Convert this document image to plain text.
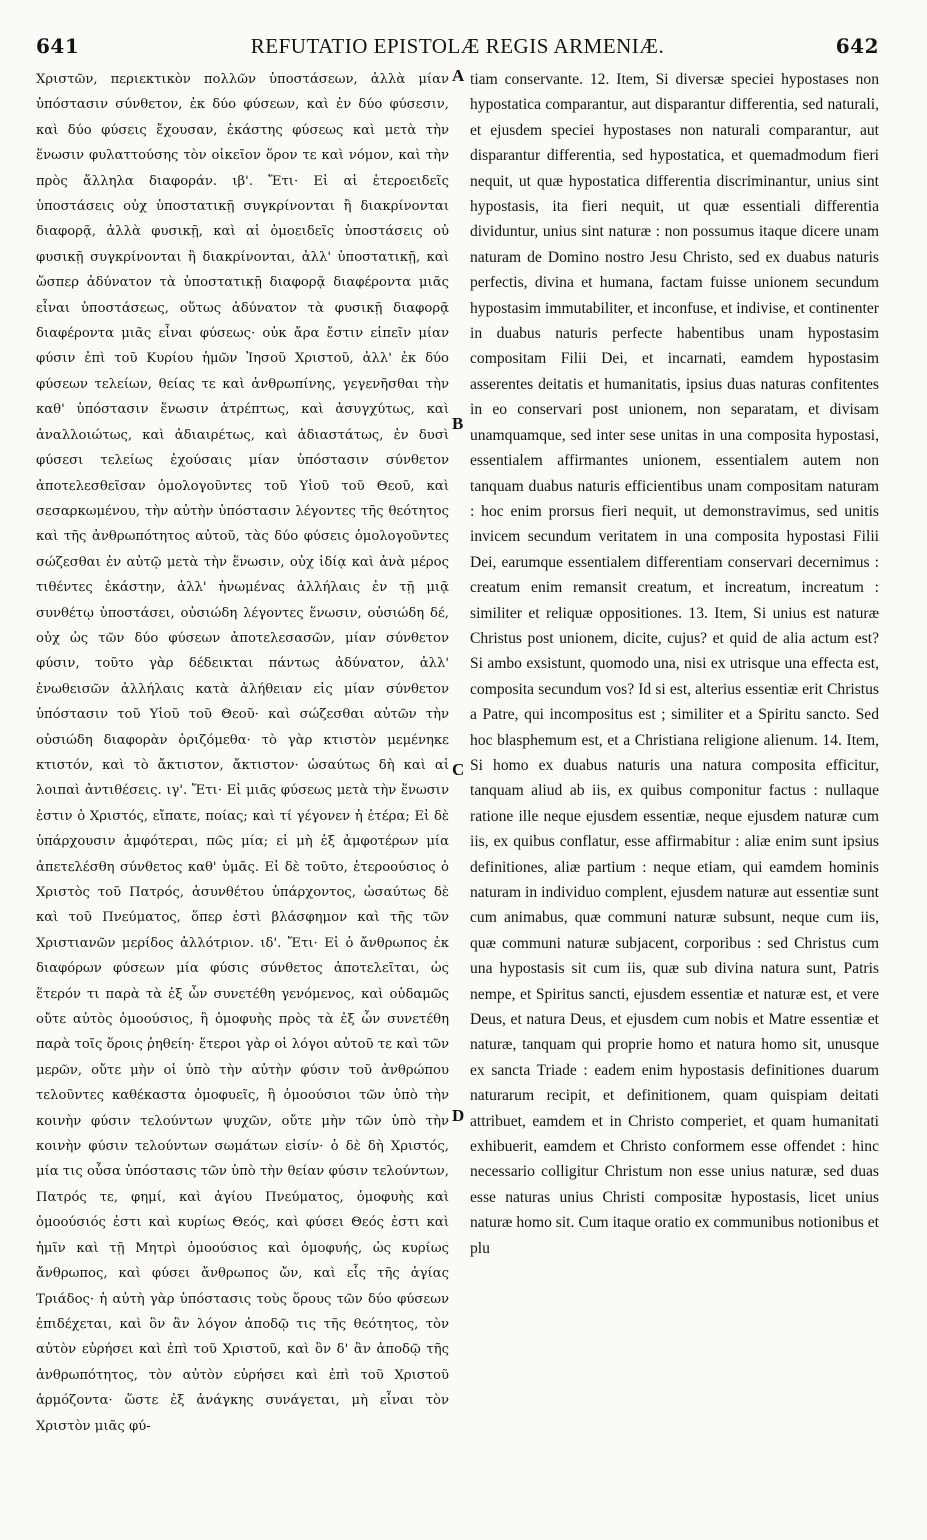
641	REFUTATIO EPISTOLÆ REGIS ARMENIÆ.	642

Χριστῶν, περιεκτικὸν πολλῶν ὑποστάσεων, ἀλλὰ μίαν ὑπόστασιν σύνθετον, ἐκ δύο φύσεων, καὶ ἐν δύο φύσεσιν, καὶ δύο φύσεις ἔχουσαν, ἑκάστης φύσεως καὶ μετὰ τὴν ἕνωσιν φυλαττούσης τὸν οἰκεῖον ὅρον τε καὶ νόμον, καὶ τὴν πρὸς ἄλληλα διαφοράν. ιβ'. Ἔτι· Εἰ αἱ ἑτεροειδεῖς ὑποστάσεις οὐχ ὑποστατικῇ συγκρίνονται ἢ διακρίνονται διαφορᾷ, ἀλλὰ φυσικῇ, καὶ αἱ ὁμοειδεῖς ὑποστάσεις οὐ φυσικῇ συγκρίνονται ἢ διακρίνονται, ἀλλ' ὑποστατικῇ, καὶ ὥσπερ ἀδύνατον τὰ ὑποστατικῇ διαφορᾷ διαφέροντα μιᾶς εἶναι ὑποστάσεως, οὕτως ἀδύνατον τὰ φυσικῇ διαφορᾷ διαφέροντα μιᾶς εἶναι φύσεως· οὐκ ἄρα ἔστιν εἰπεῖν μίαν φύσιν ἐπὶ τοῦ Κυρίου ἡμῶν Ἰησοῦ Χριστοῦ, ἀλλ' ἐκ δύο φύσεων τελείων, θείας τε καὶ ἀνθρωπίνης, γεγενῆσθαι τὴν καθ' ὑπόστασιν ἕνωσιν ἀτρέπτως, καὶ ἀσυγχύτως, καὶ ἀναλλοιώτως, καὶ ἀδιαιρέτως, καὶ ἀδιαστάτως, ἐν δυσὶ φύσεσι τελείως ἐχούσαις μίαν ὑπόστασιν σύνθετον ἀποτελεσθεῖσαν ὁμολογοῦντες τοῦ Υἱοῦ τοῦ Θεοῦ, καὶ σεσαρκωμένου, τὴν αὐτὴν ὑπόστασιν λέγοντες τῆς θεότητος καὶ τῆς ἀνθρωπότητος αὐτοῦ, τὰς δύο φύσεις ὁμολογοῦντες σώζεσθαι ἐν αὐτῷ μετὰ τὴν ἕνωσιν, οὐχ ἰδίᾳ καὶ ἀνὰ μέρος τιθέντες ἑκάστην, ἀλλ' ἡνωμένας ἀλλήλαις ἐν τῇ μιᾷ συνθέτῳ ὑποστάσει, οὐσιώδη λέγοντες ἕνωσιν, οὐσιώδη δέ, οὐχ ὡς τῶν δύο φύσεων ἀποτελεσασῶν, μίαν σύνθετον φύσιν, τοῦτο γὰρ δέδεικται πάντως ἀδύνατον, ἀλλ' ἑνωθεισῶν ἀλλήλαις κατὰ ἀλήθειαν εἰς μίαν σύνθετον ὑπόστασιν τοῦ Υἱοῦ τοῦ Θεοῦ· καὶ σώζεσθαι αὐτῶν τὴν οὐσιώδη διαφορὰν ὁριζόμεθα· τὸ γὰρ κτιστὸν μεμένηκε κτιστόν, καὶ τὸ ἄκτιστον, ἄκτιστον· ὡσαύτως δὴ καὶ αἱ λοιπαὶ ἀντιθέσεις. ιγ'. Ἔτι· Εἰ μιᾶς φύσεως μετὰ τὴν ἕνωσιν ἐστιν ὁ Χριστός, εἴπατε, ποίας; καὶ τί γέγονεν ἡ ἑτέρα; Εἰ δὲ ὑπάρχουσιν ἀμφότεραι, πῶς μία; εἰ μὴ ἐξ ἀμφοτέρων μία ἀπετελέσθη σύνθετος καθ' ὑμᾶς. Εἰ δὲ τοῦτο, ἑτεροούσιος ὁ Χριστὸς τοῦ Πατρός, ἀσυνθέτου ὑπάρχοντος, ὡσαύτως δὲ καὶ τοῦ Πνεύματος, ὅπερ ἐστὶ βλάσφημον καὶ τῆς τῶν Χριστιανῶν μερίδος ἀλλότριον. ιδ'. Ἔτι· Εἰ ὁ ἄνθρωπος ἐκ διαφόρων φύσεων μία φύσις σύνθετος ἀποτελεῖται, ὡς ἕτερόν τι παρὰ τὰ ἐξ ὧν συνετέθη γενόμενος, καὶ οὐδαμῶς οὔτε αὐτὸς ὁμοούσιος, ἢ ὁμοφυὴς πρὸς τὰ ἐξ ὧν συνετέθη παρὰ τοῖς ὅροις ῥηθείη· ἕτεροι γὰρ οἱ λόγοι αὐτοῦ τε καὶ τῶν μερῶν, οὔτε μὴν οἱ ὑπὸ τὴν αὐτὴν φύσιν τοῦ ἀνθρώπου τελοῦντες καθέκαστα ὁμοφυεῖς, ἢ ὁμοούσιοι τῶν ὑπὸ τὴν κοινὴν φύσιν τελούντων ψυχῶν, οὔτε μὴν τῶν ὑπὸ τὴν κοινὴν φύσιν τελούντων σωμάτων εἰσίν· ὁ δὲ δὴ Χριστός, μία τις οὖσα ὑπόστασις τῶν ὑπὸ τὴν θείαν φύσιν τελούντων, Πατρός τε, φημί, καὶ ἁγίου Πνεύματος, ὁμοφυὴς καὶ ὁμοούσιός ἐστι καὶ κυρίως Θεός, καὶ φύσει Θεός ἐστι καὶ ἡμῖν καὶ τῇ Μητρὶ ὁμοούσιος καὶ ὁμοφυής, ὡς κυρίως ἄνθρωπος, καὶ φύσει ἄνθρωπος ὤν, καὶ εἷς τῆς ἁγίας Τριάδος· ἡ αὐτὴ γὰρ ὑπόστασις τοὺς ὅρους τῶν δύο φύσεων ἐπιδέχεται, καὶ ὃν ἂν λόγον ἀποδῷ τις τῆς θεότητος, τὸν αὐτὸν εὑρήσει καὶ ἐπὶ τοῦ Χριστοῦ, καὶ ὃν δ' ἂν ἀποδῷ τῆς ἀνθρωπότητος, τὸν αὐτὸν εὑρήσει καὶ ἐπὶ τοῦ Χριστοῦ ἁρμόζοντα· ὥστε ἐξ ἀνάγκης συνάγεται, μὴ εἶναι τὸν Χριστὸν μιᾶς φύ-

A
B
C
D

tiam conservante. 12. Item, Si diversæ speciei hypostases non hypostatica comparantur, aut disparantur differentia, sed naturali, et ejusdem speciei hypostases non naturali comparantur, aut disparantur differentia, sed hypostatica, et quemadmodum fieri nequit, ut quæ hypostatica differentia discriminantur, unius sint hypostasis, ita fieri nequit, ut quæ essentiali differentia dividuntur, unius sint naturæ : non possumus itaque dicere unam naturam de Domino nostro Jesu Christo, sed ex duabus naturis perfectis, divina et humana, factam fuisse unionem secundum hypostasim immutabiliter, et inconfuse, et indivise, et continenter in duabus naturis perfecte habentibus unam hypostasim compositam Filii Dei, et incarnati, eamdem hypostasim asserentes deitatis et humanitatis, ipsius duas naturas confitentes in eo conservari post unionem, non separatam, et divisam unamquamque, sed inter sese unitas in una composita hypostasi, essentialem affirmantes unionem, essentialem autem non tanquam duabus naturis efficientibus unam compositam naturam : hoc enim prorsus fieri nequit, ut demonstravimus, sed unitis invicem secundum veritatem in una composita hypostasi Filii Dei, earumque essentialem differentiam conservari decernimus : creatum enim remansit creatum, et increatum, increatum : similiter et reliquæ oppositiones. 13. Item, Si unius est naturæ Christus post unionem, dicite, cujus? et quid de alia actum est? Si ambo exsistunt, quomodo una, nisi ex utrisque una effecta est, composita secundum vos? Id si est, alterius essentiæ erit Christus a Patre, qui incompositus est ; similiter et a Spiritu sancto. Sed hoc blasphemum est, et a Christiana religione alienum. 14. Item, Si homo ex duabus naturis una natura composita efficitur, tanquam aliud ab iis, ex quibus componitur factus : nullaque ratione ille neque ejusdem essentiæ, neque ejusdem naturæ cum iis, ex quibus conflatur, esse affirmabitur : aliæ enim sunt ipsius definitiones, aliæ partium : neque etiam, qui eamdem hominis naturam in individuo complent, ejusdem naturæ aut essentiæ sunt cum animabus, quæ communi naturæ subsunt, neque cum iis, quæ communi naturæ subjacent, corporibus : sed Christus cum una hypostasis sit cum iis, quæ sub divina natura sunt, Patris nempe, et Spiritus sancti, ejusdem essentiæ et naturæ est, et vere Deus, et natura Deus, et ejusdem cum nobis et Matre essentiæ et naturæ, tanquam qui proprie homo et natura homo sit, unusque ex sancta Triade : eadem enim hypostasis definitiones duarum naturarum recipit, et definitionem, quam quispiam deitati attribuet, eamdem et in Christo comperiet, et quam humanitati exhibuerit, eamdem et Christo conformem esse offendet : hinc necessario colligitur Christum non esse unius naturæ, sed duas esse naturas unius Christi compositæ hypostasis, licet unius naturæ homo sit. Cum itaque oratio ex communibus notionibus et plu
